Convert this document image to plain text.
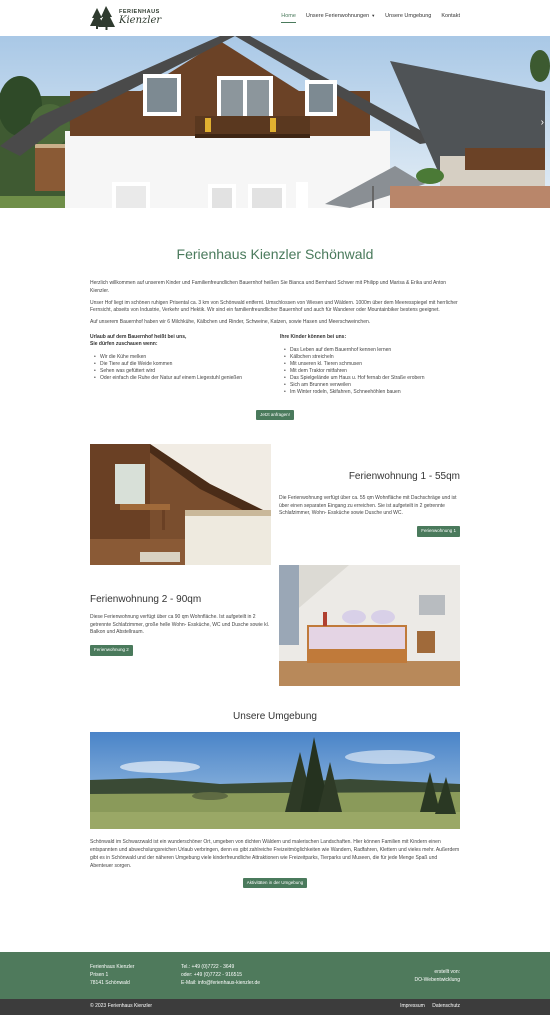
FERIENHAUS
Kienzler	Home Unsere Ferienwohnungen ▼ Unsere Umgebung Kontakt
›
Ferienhaus Kienzler Schönwald

Herzlich willkommen auf unserem Kinder und Familienfreundlichen Bauernhof heißen Sie Bianca und Bernhard Schwer mit Philipp und Marisa & Erika und Anton Kienzler.

Unser Hof liegt im schönen ruhigen Prisental ca. 3 km von Schönwald entfernt. Umschlossen von Wiesen und Wäldern. 1000m über dem Meeresspiegel mit herrlicher Fernsicht, abseits von Industrie, Verkehr und Hektik. Wir sind ein familienfreundlicher Bauernhof und auch für Wanderer oder Mountainbiker bestens geeignet.

Auf unserem Bauernhof haben wir 6 Milchkühe, Kälbchen und Rinder, Schweine, Katzen, sowie Hasen und Meerschweinchen.

Urlaub auf dem Bauernhof heißt bei uns,
Sie dürfen zuschauen wenn:
• Wir die Kühe melken
• Die Tiere auf die Weide kommen
• Sehen was gefüttert wird
• Oder einfach die Ruhe der Natur auf einem Liegestuhl genießen
Ihre Kinder können bei uns:
• Das Leben auf dem Bauernhof kennen lernen
• Kälbchen streicheln
• Mit unseren kl. Tieren schmusen
• Mit dem Traktor mitfahren
• Das Spielgelände um Haus u. Hof fernab der Straße erobern
• Sich am Brunnen verweilen
• Im Winter rodeln, Skifahren, Schneehöhlen bauen
Jetzt anfragen!
Ferienwohnung 1 - 55qm

Die Ferienwohnung verfügt über ca. 55 qm Wohnfläche mit Dachschräge und ist über einen separaten Eingang zu erreichen. Sie ist aufgeteilt in 2 getrennte Schlafzimmer, Wohn- Essküche sowie Dusche und WC.

Ferienwohnung 1
Ferienwohnung 2 - 90qm

Diese Ferienwohnung verfügt über ca 90 qm Wohnfläche. Ist aufgeteilt in 2 getrennte Schlafzimmer, große helle Wohn- Essküche, WC und Dusche sowie kl. Balkon und Abstellraum.

Ferienwohnung 2
Unsere Umgebung

Schönwald im Schwarzwald ist ein wunderschöner Ort, umgeben von dichten Wäldern und malerischen Landschaften. Hier können Familien mit Kindern einen entspannten und abwechslungsreichen Urlaub verbringen, denn es gibt zahlreiche Freizeitmöglichkeiten wie Wandern, Radfahren, Klettern und vieles mehr. Außerdem gibt es in Schönwald und der näheren Umgebung viele kinderfreundliche Attraktionen wie Freizeitparks, Tierparks und Museen, die für jede Menge Spaß und Abenteuer sorgen.

Aktivitäten in der Umgebung
Ferienhaus Kienzler
Prisen 1
78141 Schönwald
Tel.: +49 (0)7722 - 3649
oder: +49 (0)7722 - 916515
E-Mail: info@ferienhaus-kienzler.de
erstellt von:
DO-Webentwicklung
© 2023 Ferienhaus Kienzler	Impressum Datenschutz
